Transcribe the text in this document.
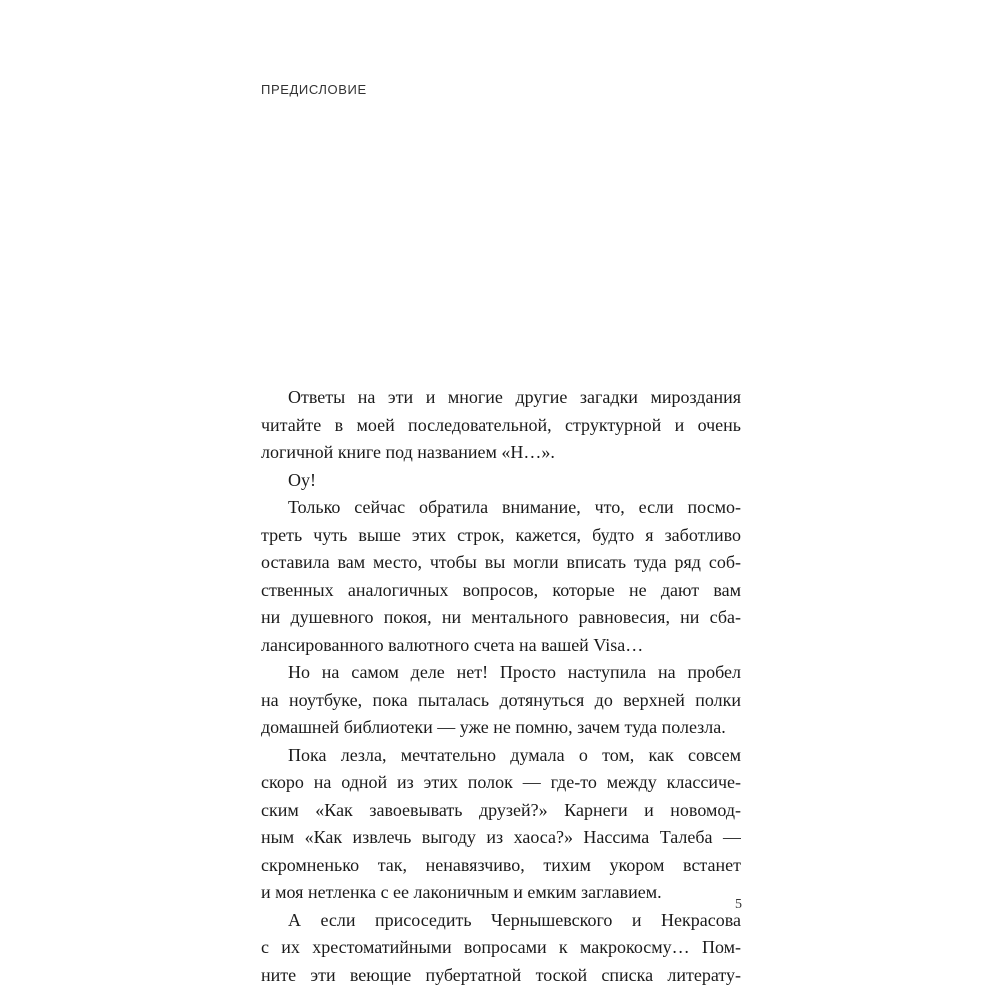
ПРЕДИСЛОВИЕ
Ответы на эти и многие другие загадки мироздания
читайте в моей последовательной, структурной и очень
логичной книге под названием «Н…».
Оу!
Только сейчас обратила внимание, что, если посмо-
треть чуть выше этих строк, кажется, будто я заботливо
оставила вам место, чтобы вы могли вписать туда ряд соб-
ственных аналогичных вопросов, которые не дают вам
ни душевного покоя, ни ментального равновесия, ни сба-
лансированного валютного счета на вашей Visa…
Но на самом деле нет! Просто наступила на пробел
на ноутбуке, пока пыталась дотянуться до верхней полки
домашней библиотеки — уже не помню, зачем туда полезла.
Пока лезла, мечтательно думала о том, как совсем
скоро на одной из этих полок — где-то между классиче-
ским «Как завоевывать друзей?» Карнеги и новомод-
ным «Как извлечь выгоду из хаоса?» Нассима Талеба —
скромненько так, ненавязчиво, тихим укором встанет
и моя нетленка с ее лаконичным и емким заглавием.
А если присоседить Чернышевского и Некрасова
с их хрестоматийными вопросами к макрокосму… Пом-
ните эти веющие пубертатной тоской списка литерату-
5
